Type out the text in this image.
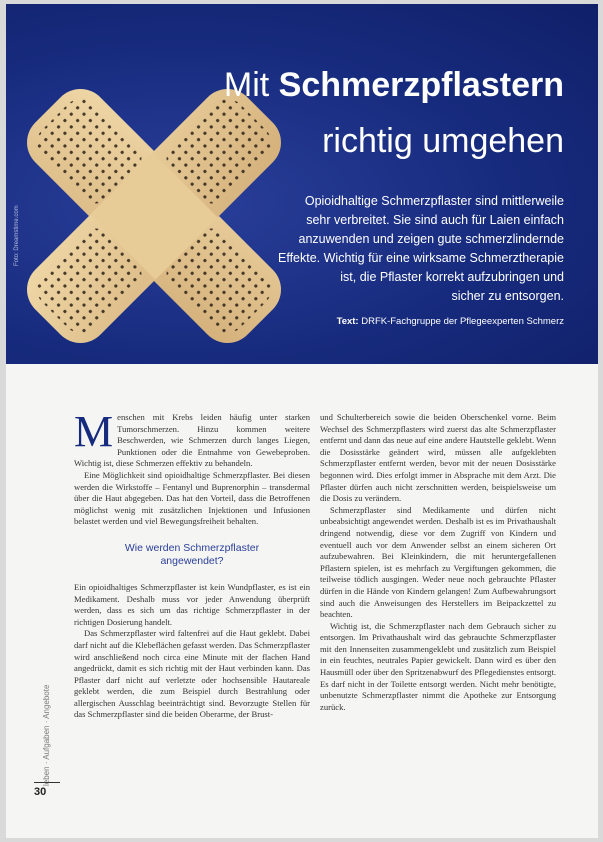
Foto: Dreamstime.com
Mit Schmerzpflastern
richtig umgehen
Opioidhaltige Schmerzpflaster sind mittlerweile
sehr verbreitet. Sie sind auch für Laien einfach
anzuwenden und zeigen gute schmerzlindernde
Effekte. Wichtig für eine wirksame Schmerztherapie
ist, die Pflaster korrekt aufzubringen und
sicher zu entsorgen.
Text: DRFK-Fachgruppe der Pflegeexperten Schmerz

Menschen mit Krebs leiden häufig unter starken Tumorschmerzen. Hinzu kommen weitere Beschwerden, wie Schmerzen durch langes Liegen, Punktionen oder die Entnahme von Gewebeproben. Wichtig ist, diese Schmerzen effektiv zu behandeln.

Eine Möglichkeit sind opioidhaltige Schmerzpflaster. Bei diesen werden die Wirkstoffe – Fentanyl und Buprenorphin – transdermal über die Haut abgegeben. Das hat den Vorteil, dass die Betroffenen möglichst wenig mit zusätzlichen Injektionen und Infusionen belastet werden und viel Bewegungsfreiheit behalten.

Wie werden Schmerzpflaster
angewendet?

Ein opioidhaltiges Schmerzpflaster ist kein Wundpflaster, es ist ein Medikament. Deshalb muss vor jeder Anwendung überprüft werden, dass es sich um das richtige Schmerzpflaster in der richtigen Dosierung handelt.

Das Schmerzpflaster wird faltenfrei auf die Haut geklebt. Dabei darf nicht auf die Klebeflächen gefasst werden. Das Schmerzpflaster wird anschließend noch circa eine Minute mit der flachen Hand angedrückt, damit es sich richtig mit der Haut verbinden kann. Das Pflaster darf nicht auf verletzte oder hochsensible Hautareale geklebt werden, die zum Beispiel durch Bestrahlung oder allergischen Ausschlag beeinträchtigt sind. Bevorzugte Stellen für das Schmerzpflaster sind die beiden Oberarme, der Brust-

und Schulterbereich sowie die beiden Oberschenkel vorne. Beim Wechsel des Schmerzpflasters wird zuerst das alte Schmerzpflaster entfernt und dann das neue auf eine andere Hautstelle geklebt. Wenn die Dosisstärke geändert wird, müssen alle aufgeklebten Schmerzpflaster entfernt werden, bevor mit der neuen Dosisstärke begonnen wird. Dies erfolgt immer in Absprache mit dem Arzt. Die Pflaster dürfen auch nicht zerschnitten werden, beispielsweise um die Dosis zu verändern.

Schmerzpflaster sind Medikamente und dürfen nicht unbeabsichtigt angewendet werden. Deshalb ist es im Privathaushalt dringend notwendig, diese vor dem Zugriff von Kindern und eventuell auch vor dem Anwender selbst an einem sicheren Ort aufzubewahren. Bei Kleinkindern, die mit heruntergefallenen Pflastern spielen, ist es mehrfach zu Vergiftungen gekommen, die teilweise tödlich ausgingen. Weder neue noch gebrauchte Pflaster dürfen in die Hände von Kindern gelangen! Zum Aufbewahrungsort sind auch die Anweisungen des Herstellers im Beipackzettel zu beachten.

Wichtig ist, die Schmerzpflaster nach dem Gebrauch sicher zu entsorgen. Im Privathaushalt wird das gebrauchte Schmerzpflaster mit den Innenseiten zusammengeklebt und zusätzlich zum Beispiel in ein feuchtes, neutrales Papier gewickelt. Dann wird es über den Hausmüll oder über den Spritzenabwurf des Pflegedienstes entsorgt. Es darf nicht in der Toilette entsorgt werden. Nicht mehr benötigte, unbenutzte Schmerzpflaster nimmt die Apotheke zur Entsorgung zurück.

leben · Aufgaben · Angebote
30
